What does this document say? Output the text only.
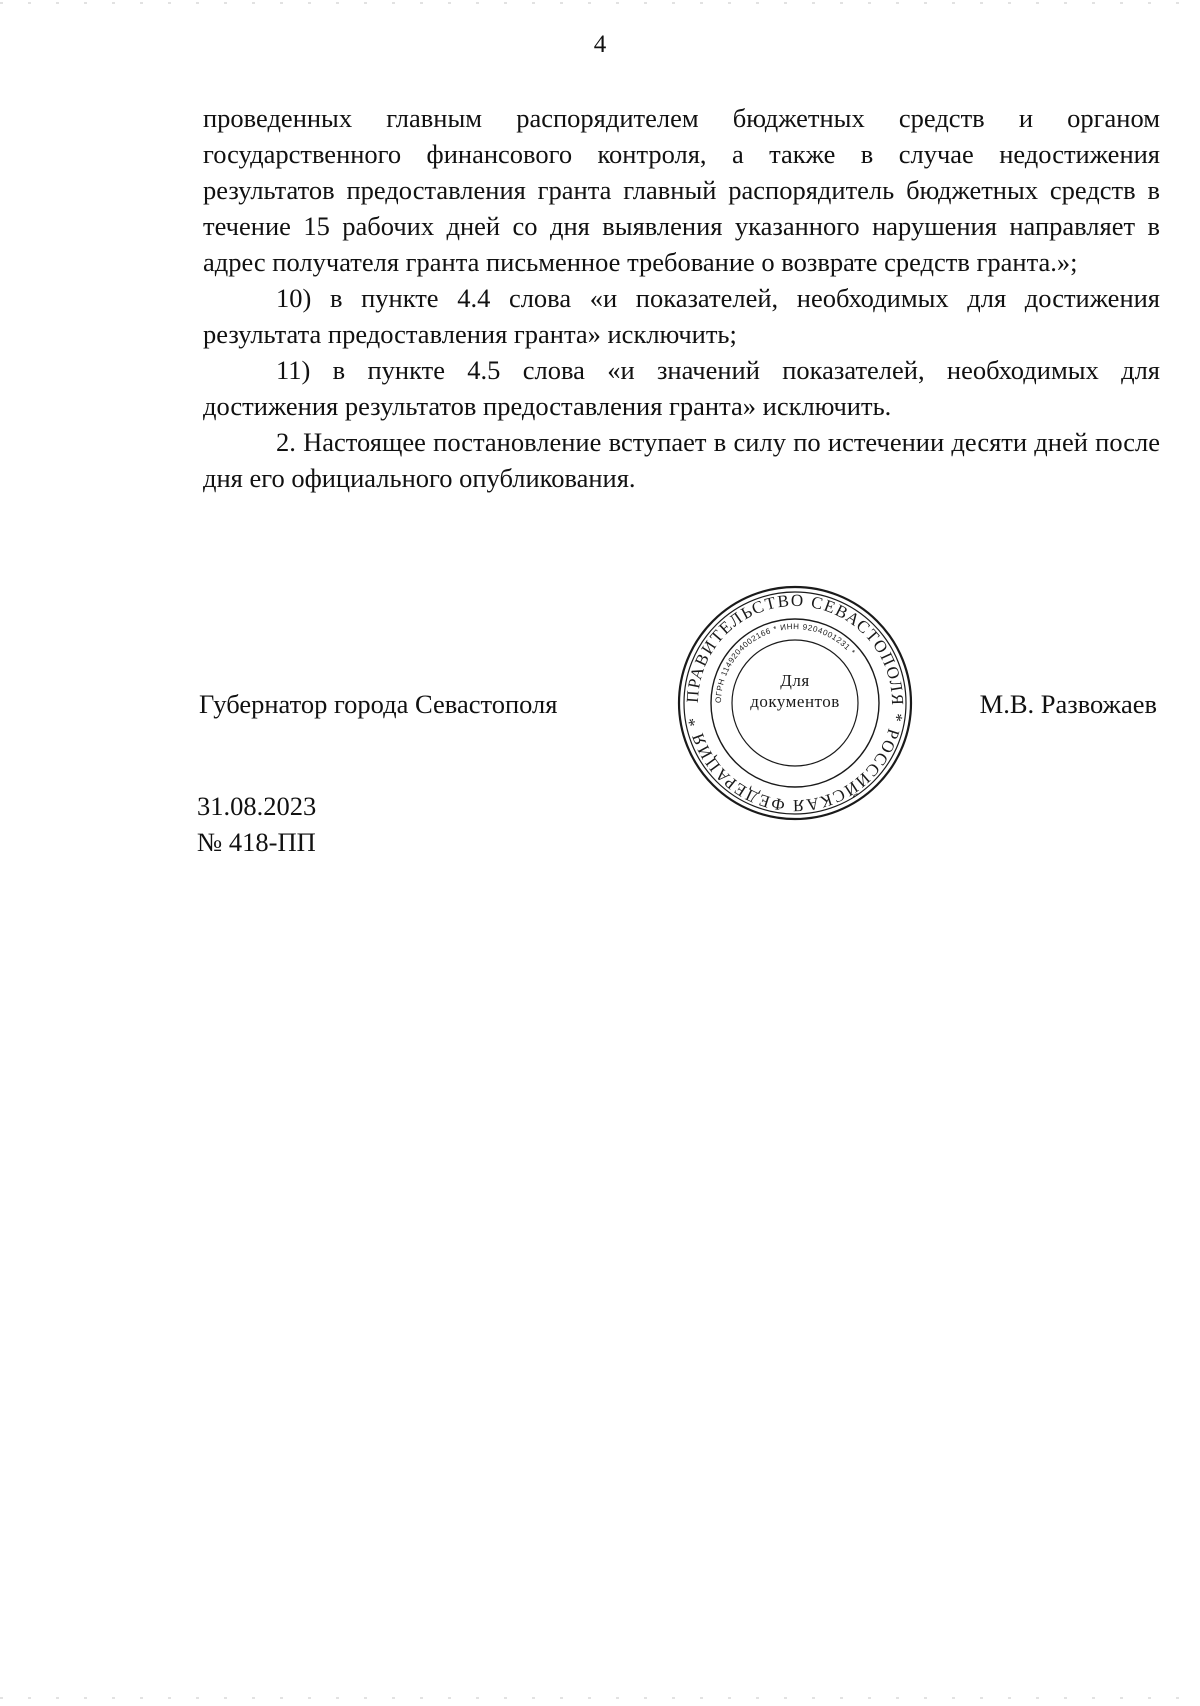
4

проведенных главным распорядителем бюджетных средств и органом государственного финансового контроля, а также в случае недостижения результатов предоставления гранта главный распорядитель бюджетных средств в течение 15 рабочих дней со дня выявления указанного нарушения направляет в адрес получателя гранта письменное требование о возврате средств гранта.»;

10) в пункте 4.4 слова «и показателей, необходимых для достижения результата предоставления гранта» исключить;

11) в пункте 4.5 слова «и значений показателей, необходимых для достижения результатов предоставления гранта» исключить.

2. Настоящее постановление вступает в силу по истечении десяти дней после дня его официального опубликования.

Губернатор города Севастополя	М.В. Развожаев
ПРАВИТЕЛЬСТВО СЕВАСТОПОЛЯ * РОССИЙСКАЯ ФЕДЕРАЦИЯ *
ОГРН 1149204002166 * ИНН 9204001231 *
Для
документов
31.08.2023
№ 418-ПП
